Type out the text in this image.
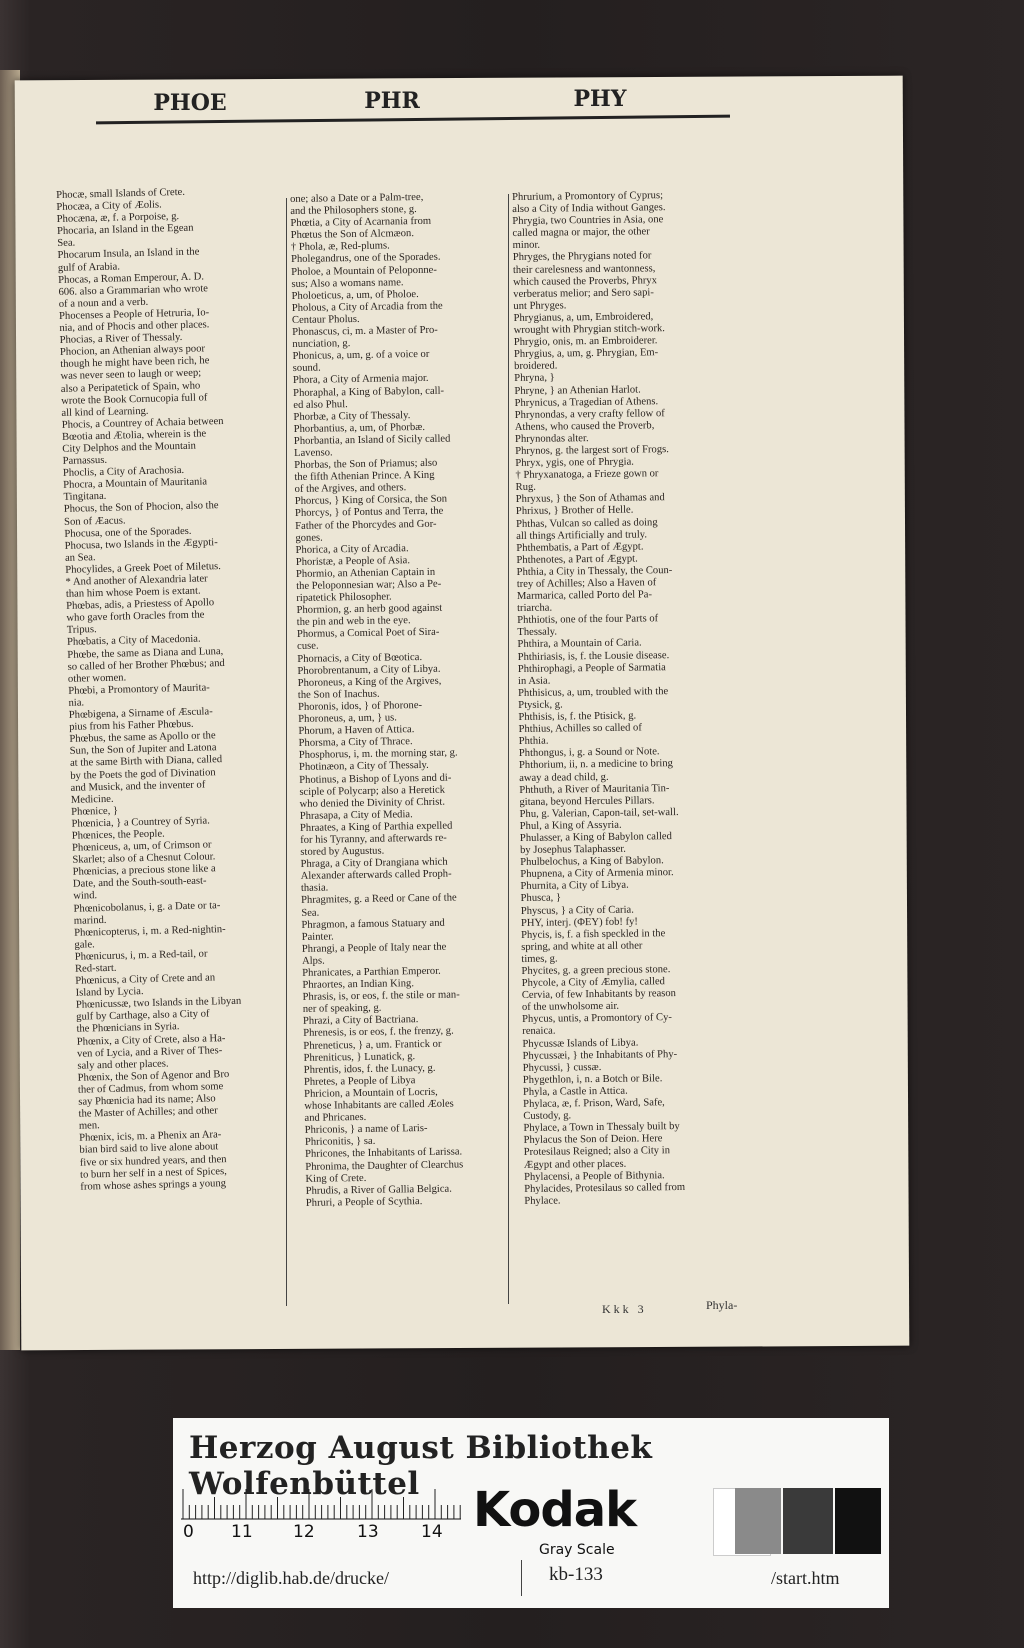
PHOE	PHR	PHY
Phocæ, small Islands of Crete.
Phocæa, a City of Æolis.
Phocæna, æ, f. a Porpoise, g.
Phocaria, an Island in the Egean
Sea.
Phocarum Insula, an Island in the
gulf of Arabia.
Phocas, a Roman Emperour, A. D.
606. also a Grammarian who wrote
of a noun and a verb.
Phocenses a People of Hetruria, Io-
nia, and of Phocis and other places.
Phocias, a River of Thessaly.
Phocion, an Athenian always poor
though he might have been rich, he
was never seen to laugh or weep;
also a Peripatetick of Spain, who
wrote the Book Cornucopia full of
all kind of Learning.
Phocis, a Countrey of Achaia between
Bœotia and Ætolia, wherein is the
City Delphos and the Mountain
Parnassus.
Phoclis, a City of Arachosia.
Phocra, a Mountain of Mauritania
Tingitana.
Phocus, the Son of Phocion, also the
Son of Æacus.
Phocusa, one of the Sporades.
Phocusa, two Islands in the Ægypti-
an Sea.
Phocylides, a Greek Poet of Miletus.
* And another of Alexandria later
than him whose Poem is extant.
Phœbas, adis, a Priestess of Apollo
who gave forth Oracles from the
Tripus.
Phœbatis, a City of Macedonia.
Phœbe, the same as Diana and Luna,
so called of her Brother Phœbus; and
other women.
Phœbi, a Promontory of Maurita-
nia.
Phœbigena, a Sirname of Æscula-
pius from his Father Phœbus.
Phœbus, the same as Apollo or the
Sun, the Son of Jupiter and Latona
at the same Birth with Diana, called
by the Poets the god of Divination
and Musick, and the inventer of
Medicine.
Phœnice, }
Phœnicia, } a Countrey of Syria.
Phœnices, the People.
Phœniceus, a, um, of Crimson or
Skarlet; also of a Chesnut Colour.
Phœnicias, a precious stone like a
Date, and the South-south-east-
wind.
Phœnicobolanus, i, g. a Date or ta-
marind.
Phœnicopterus, i, m. a Red-nightin-
gale.
Phœnicurus, i, m. a Red-tail, or
Red-start.
Phœnicus, a City of Crete and an
Island by Lycia.
Phœnicussæ, two Islands in the Libyan
gulf by Carthage, also a City of
the Phœnicians in Syria.
Phœnix, a City of Crete, also a Ha-
ven of Lycia, and a River of Thes-
saly and other places.
Phœnix, the Son of Agenor and Bro
ther of Cadmus, from whom some
say Phœnicia had its name; Also
the Master of Achilles; and other
men.
Phœnix, icis, m. a Phenix an Ara-
bian bird said to live alone about
five or six hundred years, and then
to burn her self in a nest of Spices,
from whose ashes springs a young
one; also a Date or a Palm-tree,
and the Philosophers stone, g.
Phœtia, a City of Acarnania from
Phœtus the Son of Alcmæon.
† Phola, æ, Red-plums.
Pholegandrus, one of the Sporades.
Pholoe, a Mountain of Peloponne-
sus; Also a womans name.
Pholoeticus, a, um, of Pholoe.
Pholous, a City of Arcadia from the
Centaur Pholus.
Phonascus, ci, m. a Master of Pro-
nunciation, g.
Phonicus, a, um, g. of a voice or
sound.
Phora, a City of Armenia major.
Phoraphal, a King of Babylon, call-
ed also Phul.
Phorbæ, a City of Thessaly.
Phorbantius, a, um, of Phorbæ.
Phorbantia, an Island of Sicily called
Lavenso.
Phorbas, the Son of Priamus; also
the fifth Athenian Prince. A King
of the Argives, and others.
Phorcus, } King of Corsica, the Son
Phorcys, } of Pontus and Terra, the
Father of the Phorcydes and Gor-
gones.
Phorica, a City of Arcadia.
Phoristæ, a People of Asia.
Phormio, an Athenian Captain in
the Peloponnesian war; Also a Pe-
ripatetick Philosopher.
Phormion, g. an herb good against
the pin and web in the eye.
Phormus, a Comical Poet of Sira-
cuse.
Phornacis, a City of Bœotica.
Phorobrentanum, a City of Libya.
Phoroneus, a King of the Argives,
the Son of Inachus.
Phoronis, idos, } of Phorone-
Phoroneus, a, um, } us.
Phorum, a Haven of Attica.
Phorsma, a City of Thrace.
Phosphorus, i, m. the morning star, g.
Photinæon, a City of Thessaly.
Photinus, a Bishop of Lyons and di-
sciple of Polycarp; also a Heretick
who denied the Divinity of Christ.
Phrasapa, a City of Media.
Phraates, a King of Parthia expelled
for his Tyranny, and afterwards re-
stored by Augustus.
Phraga, a City of Drangiana which
Alexander afterwards called Proph-
thasia.
Phragmites, g. a Reed or Cane of the
Sea.
Phragmon, a famous Statuary and
Painter.
Phrangi, a People of Italy near the
Alps.
Phranicates, a Parthian Emperor.
Phraortes, an Indian King.
Phrasis, is, or eos, f. the stile or man-
ner of speaking, g.
Phrazi, a City of Bactriana.
Phrenesis, is or eos, f. the frenzy, g.
Phreneticus, } a, um. Frantick or
Phreniticus, } Lunatick, g.
Phrentis, idos, f. the Lunacy, g.
Phretes, a People of Libya
Phricion, a Mountain of Locris,
whose Inhabitants are called Æoles
and Phricanes.
Phriconis, } a name of Laris-
Phriconitis, } sa.
Phricones, the Inhabitants of Larissa.
Phronima, the Daughter of Clearchus
King of Crete.
Phrudis, a River of Gallia Belgica.
Phruri, a People of Scythia.
Phrurium, a Promontory of Cyprus;
also a City of India without Ganges.
Phrygia, two Countries in Asia, one
called magna or major, the other
minor.
Phryges, the Phrygians noted for
their carelesness and wantonness,
which caused the Proverbs, Phryx
verberatus melior; and Sero sapi-
unt Phryges.
Phrygianus, a, um, Embroidered,
wrought with Phrygian stitch-work.
Phrygio, onis, m. an Embroiderer.
Phrygius, a, um, g. Phrygian, Em-
broidered.
Phryna, }
Phryne, } an Athenian Harlot.
Phrynicus, a Tragedian of Athens.
Phrynondas, a very crafty fellow of
Athens, who caused the Proverb,
Phrynondas alter.
Phrynos, g. the largest sort of Frogs.
Phryx, ygis, one of Phrygia.
† Phryxanatoga, a Frieze gown or
Rug.
Phryxus, } the Son of Athamas and
Phrixus, } Brother of Helle.
Phthas, Vulcan so called as doing
all things Artificially and truly.
Phthembatis, a Part of Ægypt.
Phthenotes, a Part of Ægypt.
Phthia, a City in Thessaly, the Coun-
trey of Achilles; Also a Haven of
Marmarica, called Porto del Pa-
triarcha.
Phthiotis, one of the four Parts of
Thessaly.
Phthira, a Mountain of Caria.
Phthiriasis, is, f. the Lousie disease.
Phthirophagi, a People of Sarmatia
in Asia.
Phthisicus, a, um, troubled with the
Ptysick, g.
Phthisis, is, f. the Ptisick, g.
Phthius, Achilles so called of
Phthia.
Phthongus, i, g. a Sound or Note.
Phthorium, ii, n. a medicine to bring
away a dead child, g.
Phthuth, a River of Mauritania Tin-
gitana, beyond Hercules Pillars.
Phu, g. Valerian, Capon-tail, set-wall.
Phul, a King of Assyria.
Phulasser, a King of Babylon called
by Josephus Talaphasser.
Phulbelochus, a King of Babylon.
Phupnena, a City of Armenia minor.
Phurnita, a City of Libya.
Phusca, }
Physcus, } a City of Caria.
PHY, interj. (ΦΕΥ) fob! fy!
Phycis, is, f. a fish speckled in the
spring, and white at all other
times, g.
Phycites, g. a green precious stone.
Phycole, a City of Æmylia, called
Cervia, of few Inhabitants by reason
of the unwholsome air.
Phycus, untis, a Promontory of Cy-
renaica.
Phycussæ Islands of Libya.
Phycussæi, } the Inhabitants of Phy-
Phycussi, } cussæ.
Phygethlon, i, n. a Botch or Bile.
Phyla, a Castle in Attica.
Phylaca, æ, f. Prison, Ward, Safe,
Custody, g.
Phylace, a Town in Thessaly built by
Phylacus the Son of Deion. Here
Protesilaus Reigned; also a City in
Ægypt and other places.
Phylacensi, a People of Bithynia.
Phylacides, Protesilaus so called from
Phylace.
Kkk 3	Phyla-
Herzog August Bibliothek Wolfenbüttel
0 11 12 13 14 Kodak
Gray Scale
http://diglib.hab.de/drucke/	kb-133	/start.htm
